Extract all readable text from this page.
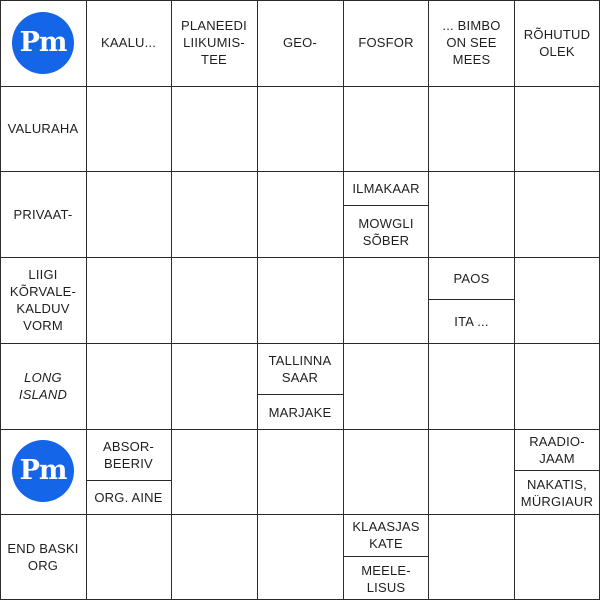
Pm
Pm
KAALU...
PLANEEDI
LIIKUMIS-
TEE
GEO-	FOSFOR
... BIMBO
ON SEE
MEES
RÕHUTUD
OLEK
VALURAHA
PRIVAAT-
LIIGI
KÕRVALE-
KALDUV
VORM
LONG
ISLAND
END BASKI
ORG
ILMAKAAR
MOWGLI
SÕBER
PAOS
ITA ...
TALLINNA
SAAR
MARJAKE
ABSOR-
BEERIV
ORG. AINE
RAADIO-
JAAM
NAKATIS,
MÜRGIAUR
KLAASJAS
KATE
MEELE-
LISUS
